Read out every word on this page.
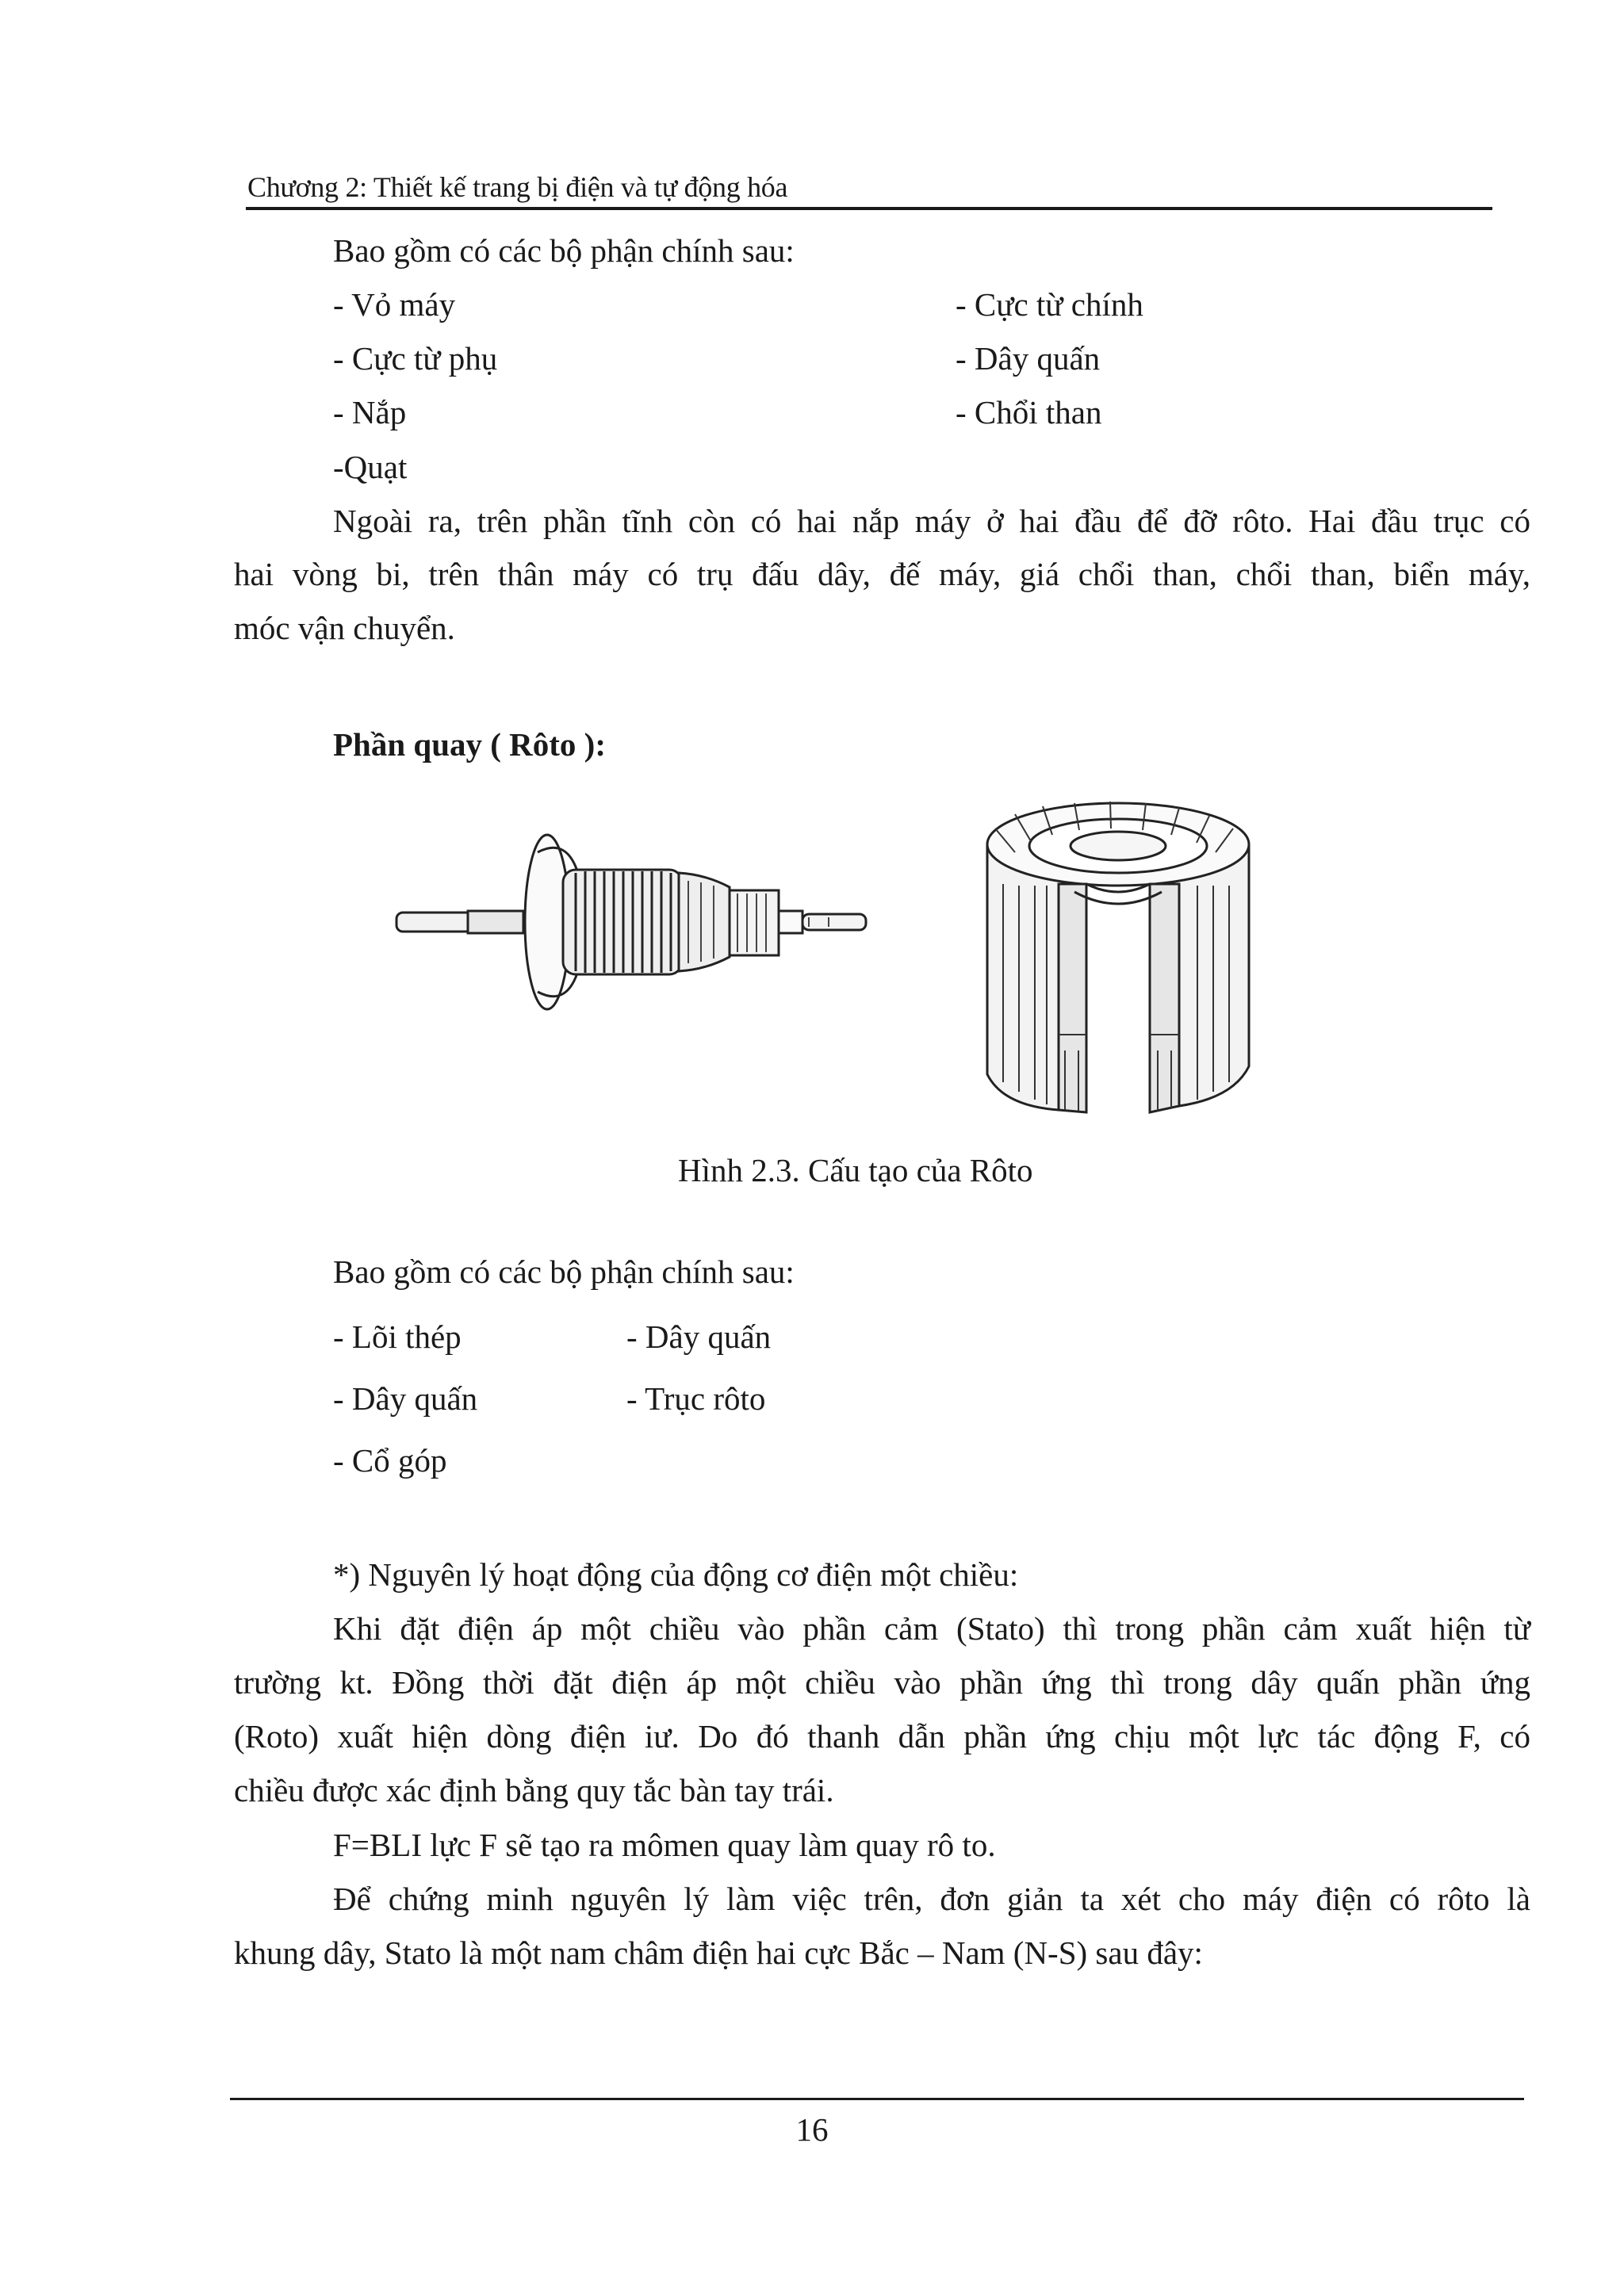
Chương 2: Thiết kế trang bị điện và tự động hóa
Bao gồm có các bộ phận chính sau:
- Vỏ máy	- Cực từ chính
- Cực từ phụ	- Dây quấn
- Nắp	- Chổi than
-Quạt
Ngoài ra, trên phần tĩnh còn có hai nắp máy ở hai đầu để đỡ rôto. Hai đầu trục có
hai vòng bi, trên thân máy có trụ đấu dây, đế máy, giá chổi than, chổi than, biển máy,
móc vận chuyển.
Phần quay ( Rôto ):
Hình 2.3. Cấu tạo của Rôto
Bao gồm có các bộ phận chính sau:
- Lõi thép	- Dây quấn
- Dây quấn	- Trục rôto
- Cổ góp
*) Nguyên lý hoạt động của động cơ điện một chiều:
Khi đặt điện áp một chiều vào phần cảm (Stato) thì trong phần cảm xuất hiện từ
trường kt. Đồng thời đặt điện áp một chiều vào phần ứng thì trong dây quấn phần ứng
(Roto) xuất hiện dòng điện iư. Do đó thanh dẫn phần ứng chịu một lực tác động F, có
chiều được xác định bằng quy tắc bàn tay trái.
F=BLI lực F sẽ tạo ra mômen quay làm quay rô to.
Để chứng minh nguyên lý làm việc trên, đơn giản ta xét cho máy điện có rôto là
khung dây, Stato là một nam châm điện hai cực Bắc – Nam (N-S) sau đây:
16
